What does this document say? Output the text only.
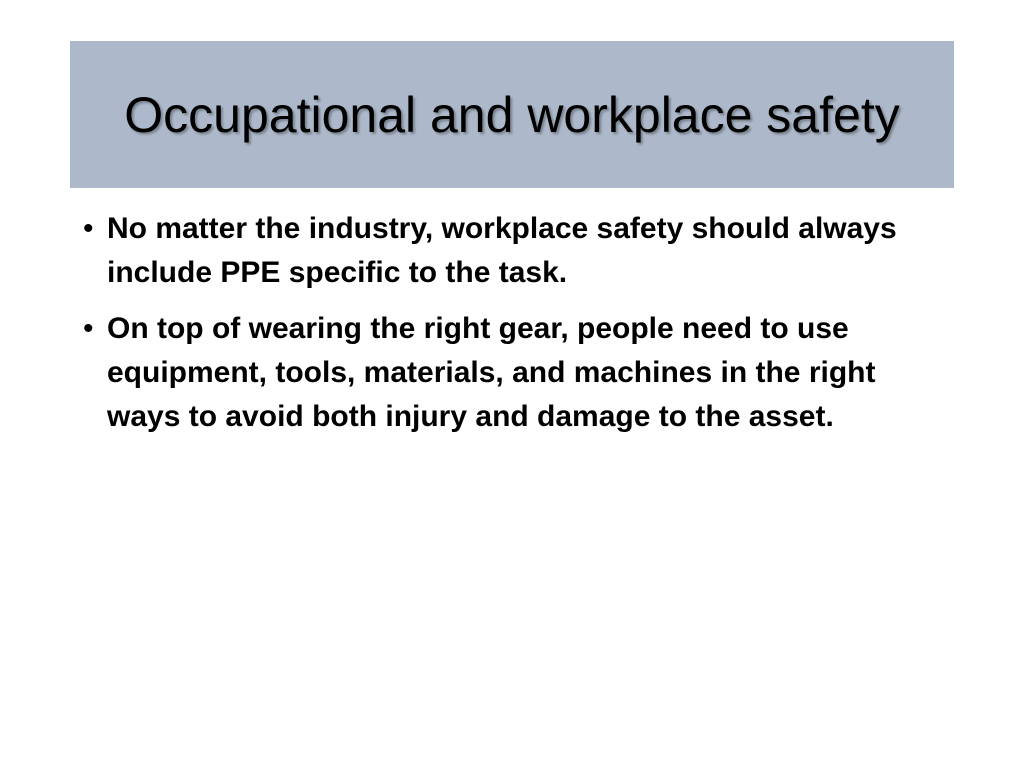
Occupational and workplace safety
• No matter the industry, workplace safety should always include PPE specific to the task.
• On top of wearing the right gear, people need to use equipment, tools, materials, and machines in the right ways to avoid both injury and damage to the asset.
